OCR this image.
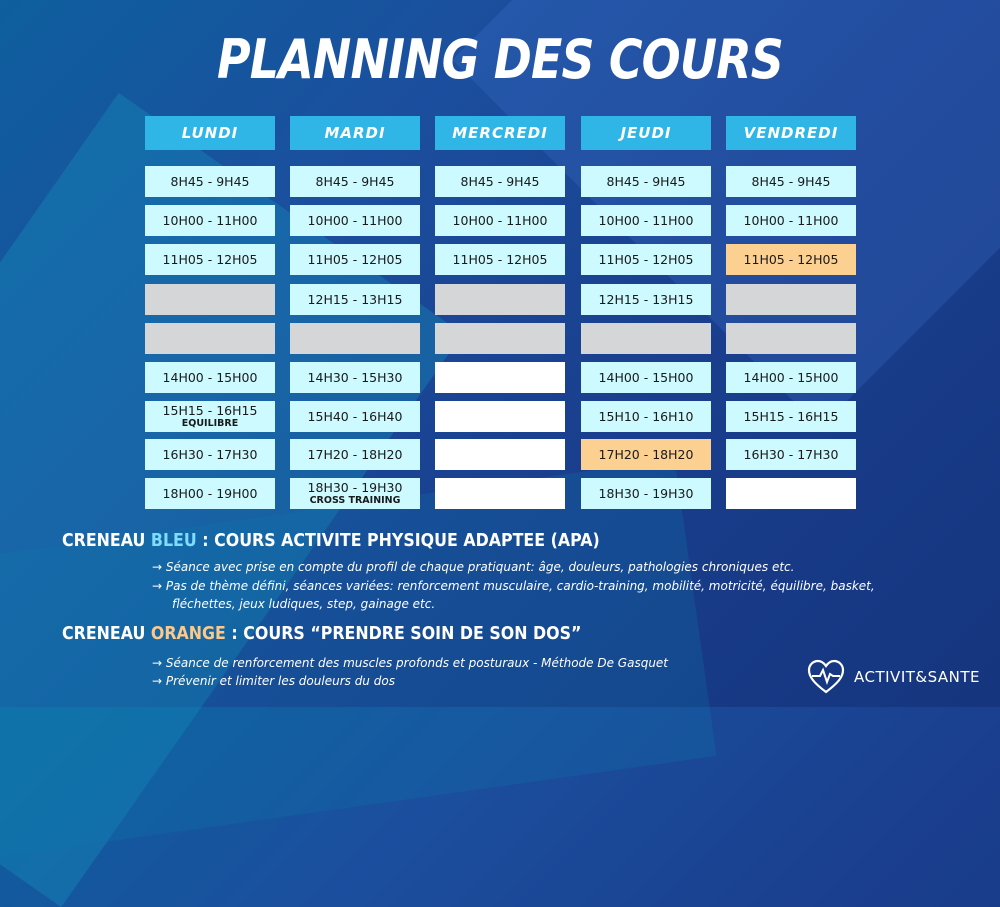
PLANNING DES COURS
LUNDI
8H45 - 9H45
10H00 - 11H00
11H05 - 12H05
14H00 - 15H00
15H15 - 16H15
EQUILIBRE
16H30 - 17H30
18H00 - 19H00
MARDI
8H45 - 9H45
10H00 - 11H00
11H05 - 12H05
12H15 - 13H15
14H30 - 15H30
15H40 - 16H40
17H20 - 18H20
18H30 - 19H30
CROSS TRAINING
MERCREDI
8H45 - 9H45
10H00 - 11H00
11H05 - 12H05
JEUDI
8H45 - 9H45
10H00 - 11H00
11H05 - 12H05
12H15 - 13H15
14H00 - 15H00
15H10 - 16H10
17H20 - 18H20
18H30 - 19H30
VENDREDI
8H45 - 9H45
10H00 - 11H00
11H05 - 12H05
14H00 - 15H00
15H15 - 16H15
16H30 - 17H30
CRENEAU BLEU : COURS ACTIVITE PHYSIQUE ADAPTEE (APA)
→ Séance avec prise en compte du profil de chaque pratiquant: âge, douleurs, pathologies chroniques etc.
→ Pas de thème défini, séances variées: renforcement musculaire, cardio-training, mobilité, motricité, équilibre, basket,
fléchettes, jeux ludiques, step, gainage etc.
CRENEAU ORANGE : COURS “PRENDRE SOIN DE SON DOS”
→ Séance de renforcement des muscles profonds et posturaux - Méthode De Gasquet
→ Prévenir et limiter les douleurs du dos	ACTIVIT&SANTE
